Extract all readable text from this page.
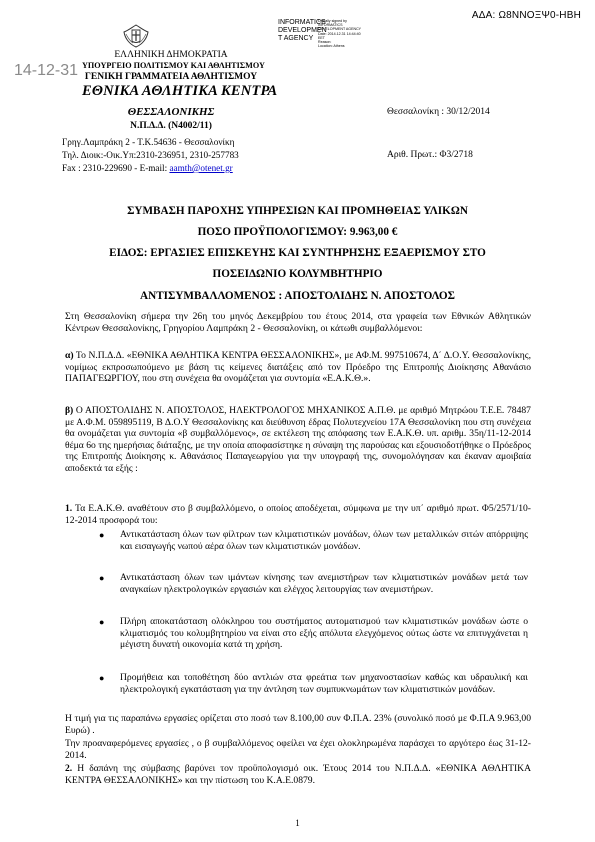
ΑΔΑ: Ω8ΝΝΟΞΨ0-ΗΒΗ
INFORMATICS
DEVELOPMEN
T AGENCY
Digitally signed by
INFORMATICS
DEVELOPMENT AGENCY
Date: 2014.12.31 14:44:40
EET
Reason:
Location: Athens
14-12-31
ΕΛΛΗΝΙΚΗ ΔΗΜΟΚΡΑΤΙΑ
ΥΠΟΥΡΓΕΙΟ ΠΟΛΙΤΙΣΜΟΥ ΚΑΙ ΑΘΛΗΤΙΣΜΟΥ
ΓΕΝΙΚΗ ΓΡΑΜΜΑΤΕΙΑ ΑΘΛΗΤΙΣΜΟΥ
ΕΘΝΙΚΑ ΑΘΛΗΤΙΚΑ ΚΕΝΤΡΑ
ΘΕΣΣΑΛΟΝΙΚΗΣ
Ν.Π.Δ.Δ. (Ν4002/11)
Γρηγ.Λαμπράκη 2 - Τ.Κ.54636 - Θεσσαλονίκη
Τηλ. Διοικ:-Οικ.Υπ:2310-236951, 2310-257783
Fax : 2310-229690 - E-mail: aamth@otenet.gr
Θεσσαλονίκη : 30/12/2014
Αριθ. Πρωτ.: Φ3/2718
ΣΥΜΒΑΣΗ ΠΑΡΟΧΗΣ ΥΠΗΡΕΣΙΩΝ ΚΑΙ ΠΡΟΜΗΘΕΙΑΣ ΥΛΙΚΩΝ
ΠΟΣΟ ΠΡΟΫΠΟΛΟΓΙΣΜΟΥ: 9.963,00 €
ΕΙΔΟΣ: ΕΡΓΑΣΙΕΣ ΕΠΙΣΚΕΥΗΣ ΚΑΙ ΣΥΝΤΗΡΗΣΗΣ ΕΞΑΕΡΙΣΜΟΥ ΣΤΟ
ΠΟΣΕΙΔΩΝΙΟ ΚΟΛΥΜΒΗΤΗΡΙΟ
ΑΝΤΙΣΥΜΒΑΛΛΟΜΕΝΟΣ : ΑΠΟΣΤΟΛΙΔΗΣ Ν. ΑΠΟΣΤΟΛΟΣ
Στη Θεσσαλονίκη σήμερα την 26η του μηνός Δεκεμβρίου του έτους 2014, στα γραφεία των Εθνικών Αθλητικών Κέντρων Θεσσαλονίκης, Γρηγορίου Λαμπράκη 2 - Θεσσαλονίκη, οι κάτωθι συμβαλλόμενοι:
α) Το Ν.Π.Δ.Δ. «ΕΘΝΙΚΑ ΑΘΛΗΤΙΚΑ ΚΕΝΤΡΑ ΘΕΣΣΑΛΟΝΙΚΗΣ», με ΑΦ.Μ. 997510674, Δ΄ Δ.Ο.Υ. Θεσσαλονίκης, νομίμως εκπροσωπούμενο με βάση τις κείμενες διατάξεις από τον Πρόεδρο της Επιτροπής Διοίκησης Αθανάσιο ΠΑΠΑΓΕΩΡΓΙΟΥ, που στη συνέχεια θα ονομάζεται για συντομία «Ε.Α.Κ.Θ.».
β) Ο ΑΠΟΣΤΟΛΙΔΗΣ Ν. ΑΠΟΣΤΟΛΟΣ, ΗΛΕΚΤΡΟΛΟΓΟΣ ΜΗΧΑΝΙΚΟΣ Α.Π.Θ. με αριθμό Μητρώου Τ.Ε.Ε. 78487 με Α.Φ.Μ. 059895119, Β Δ.Ο.Υ Θεσσαλονίκης και διεύθυνση έδρας Πολυτεχνείου 17Α Θεσσαλονίκη που στη συνέχεια θα ονομάζεται για συντομία «β συμβαλλόμενος», σε εκτέλεση της απόφασης των Ε.Α.Κ.Θ. υπ. αριθμ. 35η/11-12-2014 θέμα 6ο της ημερήσιας διάταξης, με την οποία αποφασίστηκε η σύναψη της παρούσας και εξουσιοδοτήθηκε ο Πρόεδρος της Επιτροπής Διοίκησης κ. Αθανάσιος Παπαγεωργίου για την υπογραφή της, συνομολόγησαν και έκαναν αμοιβαία αποδεκτά τα εξής :
1. Τα Ε.Α.Κ.Θ. αναθέτουν στο β συμβαλλόμενο, ο οποίος αποδέχεται, σύμφωνα με την υπ΄ αριθμό πρωτ. Φ5/2571/10-12-2014 προσφορά του:
● Αντικατάσταση όλων των φίλτρων των κλιματιστικών μονάδων, όλων των μεταλλικών σιτών απόρριψης και εισαγωγής νωπού αέρα όλων των κλιματιστικών μονάδων.
● Αντικατάσταση όλων των ιμάντων κίνησης των ανεμιστήρων των κλιματιστικών μονάδων μετά των αναγκαίων ηλεκτρολογικών εργασιών και ελέγχος λειτουργίας των ανεμιστήρων.
● Πλήρη αποκατάσταση ολόκληρου του συστήματος αυτοματισμού των κλιματιστικών μονάδων ώστε ο κλιματισμός του κολυμβητηρίου να είναι στο εξής απόλυτα ελεγχόμενος ούτως ώστε να επιτυγχάνεται η μέγιστη δυνατή οικονομία κατά τη χρήση.
● Προμήθεια και τοποθέτηση δύο αντλιών στα φρεάτια των μηχανοστασίων καθώς και υδραυλική και ηλεκτρολογική εγκατάσταση για την άντληση των συμπυκνωμάτων των κλιματιστικών μονάδων.
Η τιμή για τις παραπάνω εργασίες ορίζεται στο ποσό των 8.100,00 συν Φ.Π.Α. 23% (συνολικό ποσό με Φ.Π.Α 9.963,00 Ευρώ) .
Την προαναφερόμενες εργασίες , ο β συμβαλλόμενος οφείλει να έχει ολοκληρωμένα παράσχει το αργότερο έως 31-12-2014.
2. Η δαπάνη της σύμβασης βαρύνει τον προϋπολογισμό οικ. Έτους 2014 του Ν.Π.Δ.Δ. «ΕΘΝΙΚΑ ΑΘΛΗΤΙΚΑ ΚΕΝΤΡΑ ΘΕΣΣΑΛΟΝΙΚΗΣ» και την πίστωση του Κ.Α.Ε.0879.
1
